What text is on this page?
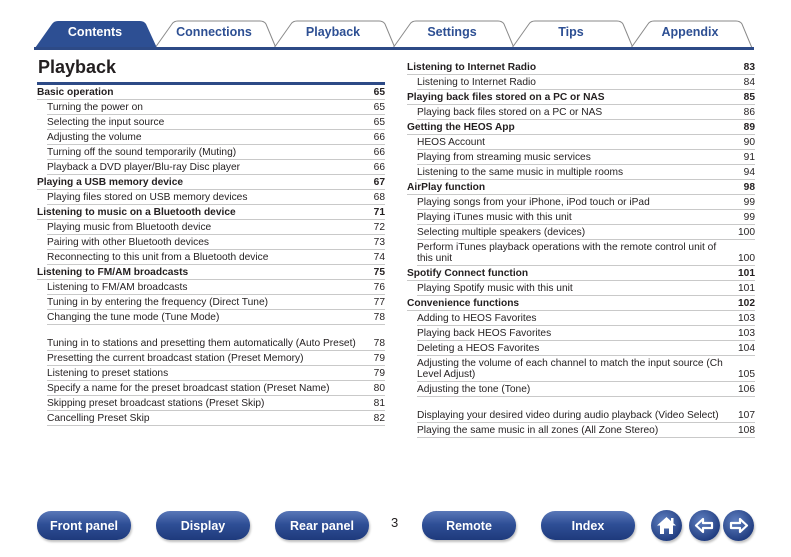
Contents	Connections	Playback	Settings	Tips	Appendix
Playback
Basic operation	65
Turning the power on	65
Selecting the input source	65
Adjusting the volume	66
Turning off the sound temporarily (Muting)	66
Playback a DVD player/Blu-ray Disc player	66
Playing a USB memory device	67
Playing files stored on USB memory devices	68
Listening to music on a Bluetooth device	71
Playing music from Bluetooth device	72
Pairing with other Bluetooth devices	73
Reconnecting to this unit from a Bluetooth device	74
Listening to FM/AM broadcasts	75
Listening to FM/AM broadcasts	76
Tuning in by entering the frequency (Direct Tune)	77
Changing the tune mode (Tune Mode)	78
Tuning in to stations and presetting them automatically (Auto Preset)	78
Presetting the current broadcast station (Preset Memory)	79
Listening to preset stations	79
Specify a name for the preset broadcast station (Preset Name)	80
Skipping preset broadcast stations (Preset Skip)	81
Cancelling Preset Skip	82
Listening to Internet Radio	83
Listening to Internet Radio	84
Playing back files stored on a PC or NAS	85
Playing back files stored on a PC or NAS	86
Getting the HEOS App	89
HEOS Account	90
Playing from streaming music services	91
Listening to the same music in multiple rooms	94
AirPlay function	98
Playing songs from your iPhone, iPod touch or iPad	99
Playing iTunes music with this unit	99
Selecting multiple speakers (devices)	100
Perform iTunes playback operations with the remote control unit of this unit	100
Spotify Connect function	101
Playing Spotify music with this unit	101
Convenience functions	102
Adding to HEOS Favorites	103
Playing back HEOS Favorites	103
Deleting a HEOS Favorites	104
Adjusting the volume of each channel to match the input source (Ch Level Adjust)	105
Adjusting the tone (Tone)	106
Displaying your desired video during audio playback (Video Select)	107
Playing the same music in all zones (All Zone Stereo)	108
Front panel	Display	Rear panel	3	Remote	Index
